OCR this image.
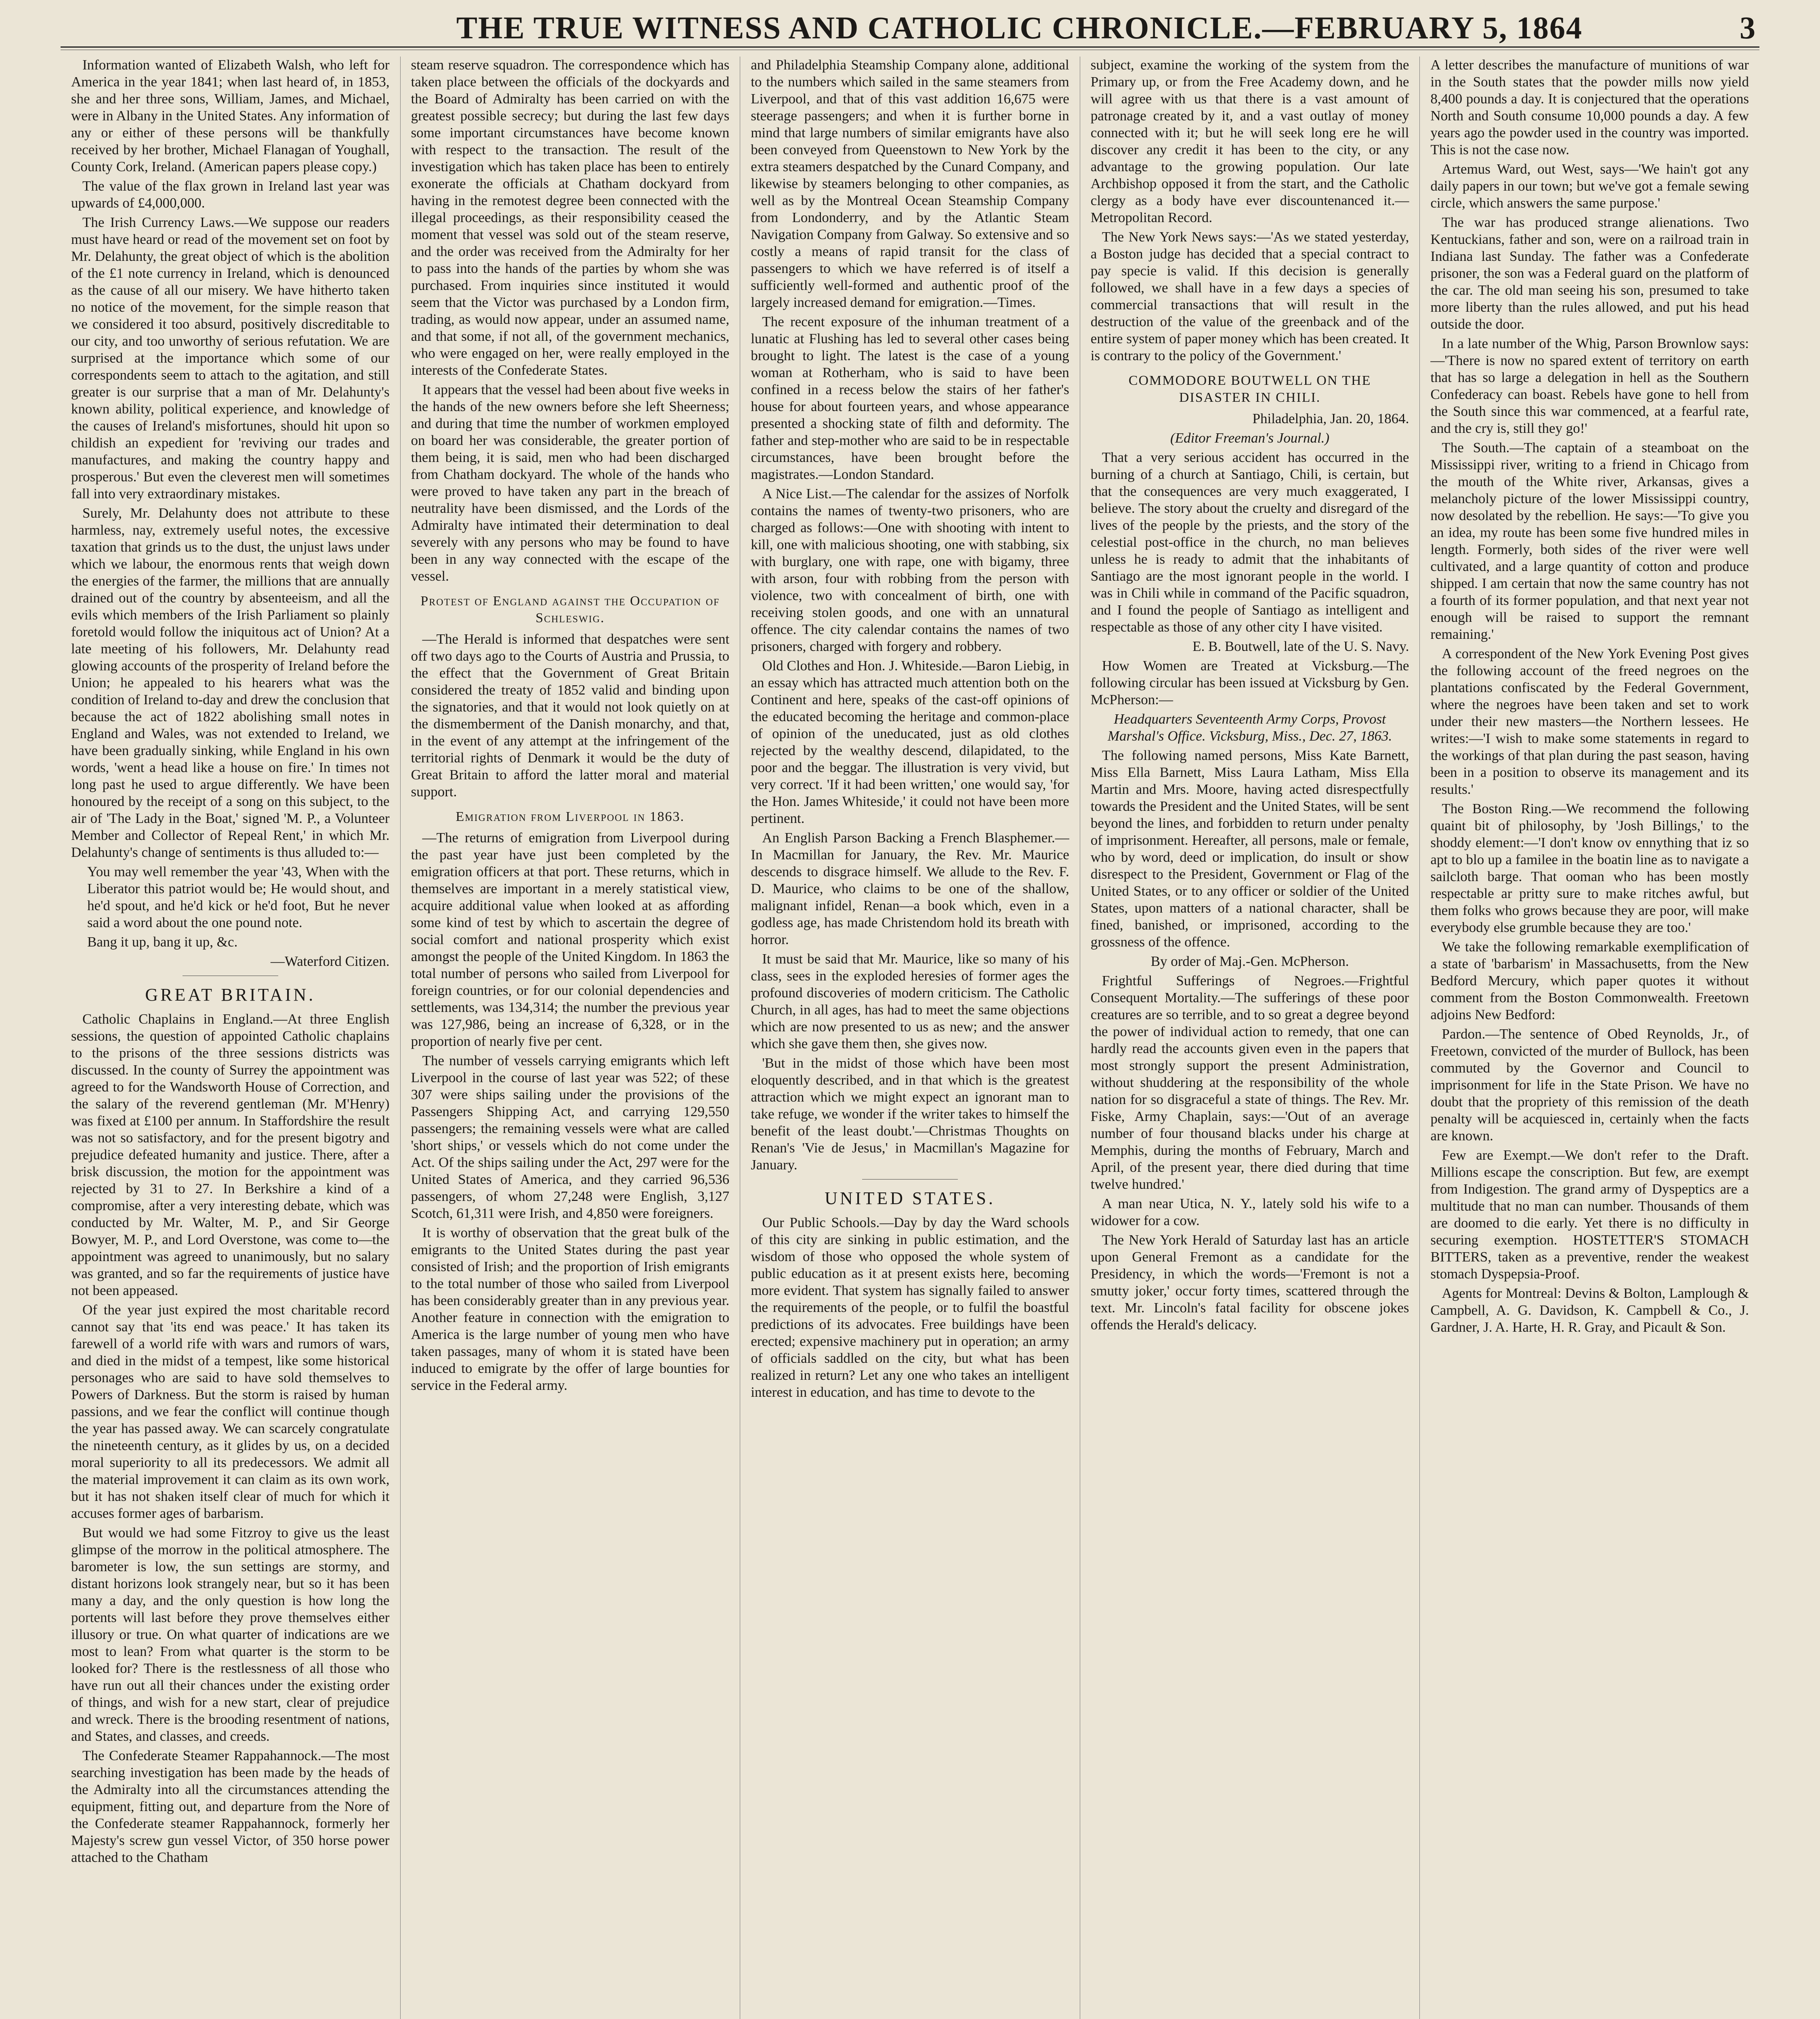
THE TRUE WITNESS AND CATHOLIC CHRONICLE.—FEBRUARY 5, 1864	3

Information wanted of Elizabeth Walsh, who left for America in the year 1841; when last heard of, in 1853, she and her three sons, William, James, and Michael, were in Albany in the United States. Any information of any or either of these persons will be thankfully received by her brother, Michael Flanagan of Youghall, County Cork, Ireland. (American papers please copy.)

The value of the flax grown in Ireland last year was upwards of £4,000,000.

The Irish Currency Laws.—We suppose our readers must have heard or read of the movement set on foot by Mr. Delahunty, the great object of which is the abolition of the £1 note currency in Ireland, which is denounced as the cause of all our misery. We have hitherto taken no notice of the movement, for the simple reason that we considered it too absurd, positively discreditable to our city, and too unworthy of serious refutation. We are surprised at the importance which some of our correspondents seem to attach to the agitation, and still greater is our surprise that a man of Mr. Delahunty's known ability, political experience, and knowledge of the causes of Ireland's misfortunes, should hit upon so childish an expedient for 'reviving our trades and manufactures, and making the country happy and prosperous.' But even the cleverest men will sometimes fall into very extraordinary mistakes.

Surely, Mr. Delahunty does not attribute to these harmless, nay, extremely useful notes, the excessive taxation that grinds us to the dust, the unjust laws under which we labour, the enormous rents that weigh down the energies of the farmer, the millions that are annually drained out of the country by absenteeism, and all the evils which members of the Irish Parliament so plainly foretold would follow the iniquitous act of Union? At a late meeting of his followers, Mr. Delahunty read glowing accounts of the prosperity of Ireland before the Union; he appealed to his hearers what was the condition of Ireland to-day and drew the conclusion that because the act of 1822 abolishing small notes in England and Wales, was not extended to Ireland, we have been gradually sinking, while England in his own words, 'went a head like a house on fire.' In times not long past he used to argue differently. We have been honoured by the receipt of a song on this subject, to the air of 'The Lady in the Boat,' signed 'M. P., a Volunteer Member and Collector of Repeal Rent,' in which Mr. Delahunty's change of sentiments is thus alluded to:—

You may well remember the year '43, When with the Liberator this patriot would be; He would shout, and he'd spout, and he'd kick or he'd foot, But he never said a word about the one pound note.

Bang it up, bang it up, &c.

—Waterford Citizen.

GREAT BRITAIN.

Catholic Chaplains in England.—At three English sessions, the question of appointed Catholic chaplains to the prisons of the three sessions districts was discussed. In the county of Surrey the appointment was agreed to for the Wandsworth House of Correction, and the salary of the reverend gentleman (Mr. M'Henry) was fixed at £100 per annum. In Staffordshire the result was not so satisfactory, and for the present bigotry and prejudice defeated humanity and justice. There, after a brisk discussion, the motion for the appointment was rejected by 31 to 27. In Berkshire a kind of a compromise, after a very interesting debate, which was conducted by Mr. Walter, M. P., and Sir George Bowyer, M. P., and Lord Overstone, was come to—the appointment was agreed to unanimously, but no salary was granted, and so far the requirements of justice have not been appeased.

Of the year just expired the most charitable record cannot say that 'its end was peace.' It has taken its farewell of a world rife with wars and rumors of wars, and died in the midst of a tempest, like some historical personages who are said to have sold themselves to Powers of Darkness. But the storm is raised by human passions, and we fear the conflict will continue though the year has passed away. We can scarcely congratulate the nineteenth century, as it glides by us, on a decided moral superiority to all its predecessors. We admit all the material improvement it can claim as its own work, but it has not shaken itself clear of much for which it accuses former ages of barbarism.

But would we had some Fitzroy to give us the least glimpse of the morrow in the political atmosphere. The barometer is low, the sun settings are stormy, and distant horizons look strangely near, but so it has been many a day, and the only question is how long the portents will last before they prove themselves either illusory or true. On what quarter of indications are we most to lean? From what quarter is the storm to be looked for? There is the restlessness of all those who have run out all their chances under the existing order of things, and wish for a new start, clear of prejudice and wreck. There is the brooding resentment of nations, and States, and classes, and creeds.

The Confederate Steamer Rappahannock.—The most searching investigation has been made by the heads of the Admiralty into all the circumstances attending the equipment, fitting out, and departure from the Nore of the Confederate steamer Rappahannock, formerly her Majesty's screw gun vessel Victor, of 350 horse power attached to the Chatham

steam reserve squadron. The correspondence which has taken place between the officials of the dockyards and the Board of Admiralty has been carried on with the greatest possible secrecy; but during the last few days some important circumstances have become known with respect to the transaction. The result of the investigation which has taken place has been to entirely exonerate the officials at Chatham dockyard from having in the remotest degree been connected with the illegal proceedings, as their responsibility ceased the moment that vessel was sold out of the steam reserve, and the order was received from the Admiralty for her to pass into the hands of the parties by whom she was purchased. From inquiries since instituted it would seem that the Victor was purchased by a London firm, trading, as would now appear, under an assumed name, and that some, if not all, of the government mechanics, who were engaged on her, were really employed in the interests of the Confederate States.

It appears that the vessel had been about five weeks in the hands of the new owners before she left Sheerness; and during that time the number of workmen employed on board her was considerable, the greater portion of them being, it is said, men who had been discharged from Chatham dockyard. The whole of the hands who were proved to have taken any part in the breach of neutrality have been dismissed, and the Lords of the Admiralty have intimated their determination to deal severely with any persons who may be found to have been in any way connected with the escape of the vessel.

Protest of England against the Occupation of Schleswig.

—The Herald is informed that despatches were sent off two days ago to the Courts of Austria and Prussia, to the effect that the Government of Great Britain considered the treaty of 1852 valid and binding upon the signatories, and that it would not look quietly on at the dismemberment of the Danish monarchy, and that, in the event of any attempt at the infringement of the territorial rights of Denmark it would be the duty of Great Britain to afford the latter moral and material support.

Emigration from Liverpool in 1863.

—The returns of emigration from Liverpool during the past year have just been completed by the emigration officers at that port. These returns, which in themselves are important in a merely statistical view, acquire additional value when looked at as affording some kind of test by which to ascertain the degree of social comfort and national prosperity which exist amongst the people of the United Kingdom. In 1863 the total number of persons who sailed from Liverpool for foreign countries, or for our colonial dependencies and settlements, was 134,314; the number the previous year was 127,986, being an increase of 6,328, or in the proportion of nearly five per cent.

The number of vessels carrying emigrants which left Liverpool in the course of last year was 522; of these 307 were ships sailing under the provisions of the Passengers Shipping Act, and carrying 129,550 passengers; the remaining vessels were what are called 'short ships,' or vessels which do not come under the Act. Of the ships sailing under the Act, 297 were for the United States of America, and they carried 96,536 passengers, of whom 27,248 were English, 3,127 Scotch, 61,311 were Irish, and 4,850 were foreigners.

It is worthy of observation that the great bulk of the emigrants to the United States during the past year consisted of Irish; and the proportion of Irish emigrants to the total number of those who sailed from Liverpool has been considerably greater than in any previous year. Another feature in connection with the emigration to America is the large number of young men who have taken passages, many of whom it is stated have been induced to emigrate by the offer of large bounties for service in the Federal army.

and Philadelphia Steamship Company alone, additional to the numbers which sailed in the same steamers from Liverpool, and that of this vast addition 16,675 were steerage passengers; and when it is further borne in mind that large numbers of similar emigrants have also been conveyed from Queenstown to New York by the extra steamers despatched by the Cunard Company, and likewise by steamers belonging to other companies, as well as by the Montreal Ocean Steamship Company from Londonderry, and by the Atlantic Steam Navigation Company from Galway. So extensive and so costly a means of rapid transit for the class of passengers to which we have referred is of itself a sufficiently well-formed and authentic proof of the largely increased demand for emigration.—Times.

The recent exposure of the inhuman treatment of a lunatic at Flushing has led to several other cases being brought to light. The latest is the case of a young woman at Rotherham, who is said to have been confined in a recess below the stairs of her father's house for about fourteen years, and whose appearance presented a shocking state of filth and deformity. The father and step-mother who are said to be in respectable circumstances, have been brought before the magistrates.—London Standard.

A Nice List.—The calendar for the assizes of Norfolk contains the names of twenty-two prisoners, who are charged as follows:—One with shooting with intent to kill, one with malicious shooting, one with stabbing, six with burglary, one with rape, one with bigamy, three with arson, four with robbing from the person with violence, two with concealment of birth, one with receiving stolen goods, and one with an unnatural offence. The city calendar contains the names of two prisoners, charged with forgery and robbery.

Old Clothes and Hon. J. Whiteside.—Baron Liebig, in an essay which has attracted much attention both on the Continent and here, speaks of the cast-off opinions of the educated becoming the heritage and common-place of opinion of the uneducated, just as old clothes rejected by the wealthy descend, dilapidated, to the poor and the beggar. The illustration is very vivid, but very correct. 'If it had been written,' one would say, 'for the Hon. James Whiteside,' it could not have been more pertinent.

An English Parson Backing a French Blasphemer.—In Macmillan for January, the Rev. Mr. Maurice descends to disgrace himself. We allude to the Rev. F. D. Maurice, who claims to be one of the shallow, malignant infidel, Renan—a book which, even in a godless age, has made Christendom hold its breath with horror.

It must be said that Mr. Maurice, like so many of his class, sees in the exploded heresies of former ages the profound discoveries of modern criticism. The Catholic Church, in all ages, has had to meet the same objections which are now presented to us as new; and the answer which she gave them then, she gives now.

'But in the midst of those which have been most eloquently described, and in that which is the greatest attraction which we might expect an ignorant man to take refuge, we wonder if the writer takes to himself the benefit of the least doubt.'—Christmas Thoughts on Renan's 'Vie de Jesus,' in Macmillan's Magazine for January.

UNITED STATES.

Our Public Schools.—Day by day the Ward schools of this city are sinking in public estimation, and the wisdom of those who opposed the whole system of public education as it at present exists here, becoming more evident. That system has signally failed to answer the requirements of the people, or to fulfil the boastful predictions of its advocates. Free buildings have been erected; expensive machinery put in operation; an army of officials saddled on the city, but what has been realized in return? Let any one who takes an intelligent interest in education, and has time to devote to the

subject, examine the working of the system from the Primary up, or from the Free Academy down, and he will agree with us that there is a vast amount of patronage created by it, and a vast outlay of money connected with it; but he will seek long ere he will discover any credit it has been to the city, or any advantage to the growing population. Our late Archbishop opposed it from the start, and the Catholic clergy as a body have ever discountenanced it.—Metropolitan Record.

The New York News says:—'As we stated yesterday, a Boston judge has decided that a special contract to pay specie is valid. If this decision is generally followed, we shall have in a few days a species of commercial transactions that will result in the destruction of the value of the greenback and of the entire system of paper money which has been created. It is contrary to the policy of the Government.'

COMMODORE BOUTWELL ON THE DISASTER IN CHILI.

Philadelphia, Jan. 20, 1864.

(Editor Freeman's Journal.)

That a very serious accident has occurred in the burning of a church at Santiago, Chili, is certain, but that the consequences are very much exaggerated, I believe. The story about the cruelty and disregard of the lives of the people by the priests, and the story of the celestial post-office in the church, no man believes unless he is ready to admit that the inhabitants of Santiago are the most ignorant people in the world. I was in Chili while in command of the Pacific squadron, and I found the people of Santiago as intelligent and respectable as those of any other city I have visited.

E. B. Boutwell, late of the U. S. Navy.

How Women are Treated at Vicksburg.—The following circular has been issued at Vicksburg by Gen. McPherson:—

Headquarters Seventeenth Army Corps, Provost Marshal's Office. Vicksburg, Miss., Dec. 27, 1863.

The following named persons, Miss Kate Barnett, Miss Ella Barnett, Miss Laura Latham, Miss Ella Martin and Mrs. Moore, having acted disrespectfully towards the President and the United States, will be sent beyond the lines, and forbidden to return under penalty of imprisonment. Hereafter, all persons, male or female, who by word, deed or implication, do insult or show disrespect to the President, Government or Flag of the United States, or to any officer or soldier of the United States, upon matters of a national character, shall be fined, banished, or imprisoned, according to the grossness of the offence.

By order of Maj.-Gen. McPherson.

Frightful Sufferings of Negroes.—Frightful Consequent Mortality.—The sufferings of these poor creatures are so terrible, and to so great a degree beyond the power of individual action to remedy, that one can hardly read the accounts given even in the papers that most strongly support the present Administration, without shuddering at the responsibility of the whole nation for so disgraceful a state of things. The Rev. Mr. Fiske, Army Chaplain, says:—'Out of an average number of four thousand blacks under his charge at Memphis, during the months of February, March and April, of the present year, there died during that time twelve hundred.'

A man near Utica, N. Y., lately sold his wife to a widower for a cow.

The New York Herald of Saturday last has an article upon General Fremont as a candidate for the Presidency, in which the words—'Fremont is not a smutty joker,' occur forty times, scattered through the text. Mr. Lincoln's fatal facility for obscene jokes offends the Herald's delicacy.

A letter describes the manufacture of munitions of war in the South states that the powder mills now yield 8,400 pounds a day. It is conjectured that the operations North and South consume 10,000 pounds a day. A few years ago the powder used in the country was imported. This is not the case now.

Artemus Ward, out West, says—'We hain't got any daily papers in our town; but we've got a female sewing circle, which answers the same purpose.'

The war has produced strange alienations. Two Kentuckians, father and son, were on a railroad train in Indiana last Sunday. The father was a Confederate prisoner, the son was a Federal guard on the platform of the car. The old man seeing his son, presumed to take more liberty than the rules allowed, and put his head outside the door.

In a late number of the Whig, Parson Brownlow says:—'There is now no spared extent of territory on earth that has so large a delegation in hell as the Southern Confederacy can boast. Rebels have gone to hell from the South since this war commenced, at a fearful rate, and the cry is, still they go!'

The South.—The captain of a steamboat on the Mississippi river, writing to a friend in Chicago from the mouth of the White river, Arkansas, gives a melancholy picture of the lower Mississippi country, now desolated by the rebellion. He says:—'To give you an idea, my route has been some five hundred miles in length. Formerly, both sides of the river were well cultivated, and a large quantity of cotton and produce shipped. I am certain that now the same country has not a fourth of its former population, and that next year not enough will be raised to support the remnant remaining.'

A correspondent of the New York Evening Post gives the following account of the freed negroes on the plantations confiscated by the Federal Government, where the negroes have been taken and set to work under their new masters—the Northern lessees. He writes:—'I wish to make some statements in regard to the workings of that plan during the past season, having been in a position to observe its management and its results.'

The Boston Ring.—We recommend the following quaint bit of philosophy, by 'Josh Billings,' to the shoddy element:—'I don't know ov ennything that iz so apt to blo up a familee in the boatin line as to navigate a sailcloth barge. That ooman who has been mostly respectable ar pritty sure to make ritches awful, but them folks who grows because they are poor, will make everybody else grumble because they are too.'

We take the following remarkable exemplification of a state of 'barbarism' in Massachusetts, from the New Bedford Mercury, which paper quotes it without comment from the Boston Commonwealth. Freetown adjoins New Bedford:

Pardon.—The sentence of Obed Reynolds, Jr., of Freetown, convicted of the murder of Bullock, has been commuted by the Governor and Council to imprisonment for life in the State Prison. We have no doubt that the propriety of this remission of the death penalty will be acquiesced in, certainly when the facts are known.

Few are Exempt.—We don't refer to the Draft. Millions escape the conscription. But few, are exempt from Indigestion. The grand army of Dyspeptics are a multitude that no man can number. Thousands of them are doomed to die early. Yet there is no difficulty in securing exemption. HOSTETTER'S STOMACH BITTERS, taken as a preventive, render the weakest stomach Dyspepsia-Proof.

Agents for Montreal: Devins & Bolton, Lamplough & Campbell, A. G. Davidson, K. Campbell & Co., J. Gardner, J. A. Harte, H. R. Gray, and Picault & Son.
